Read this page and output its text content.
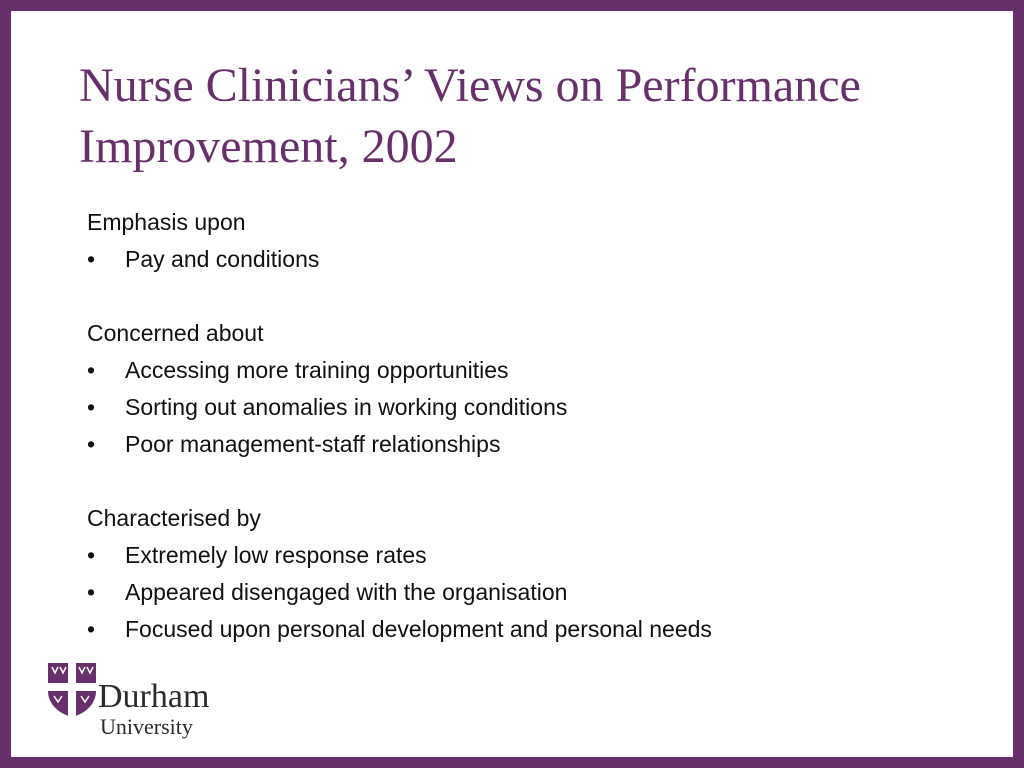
Nurse Clinicians’ Views on Performance
Improvement, 2002
Emphasis upon
• Pay and conditions
Concerned about
• Accessing more training opportunities
• Sorting out anomalies in working conditions
• Poor management-staff relationships
Characterised by
• Extremely low response rates
• Appeared disengaged with the organisation
• Focused upon personal development and personal needs
Durham
University
